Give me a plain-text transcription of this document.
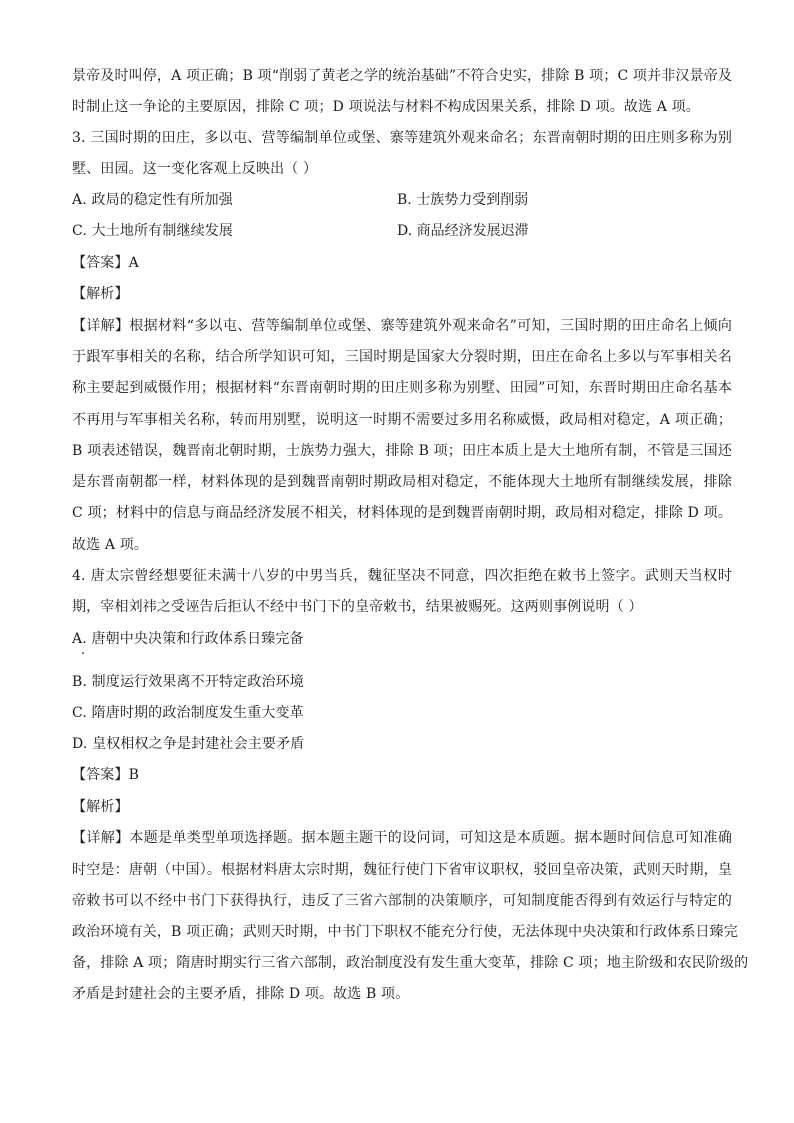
景帝及时叫停，A 项正确；B 项“削弱了黄老之学的统治基础”不符合史实，排除 B 项；C 项并非汉景帝及
时制止这一争论的主要原因，排除 C 项；D 项说法与材料不构成因果关系，排除 D 项。故选 A 项。
3. 三国时期的田庄，多以屯、营等编制单位或堡、寨等建筑外观来命名；东晋南朝时期的田庄则多称为别
墅、田园。这一变化客观上反映出（ ）
A. 政局的稳定性有所加强	B. 士族势力受到削弱
C. 大土地所有制继续发展	D. 商品经济发展迟滞
【答案】A
【解析】
【详解】根据材料“多以屯、营等编制单位或堡、寨等建筑外观来命名”可知，三国时期的田庄命名上倾向
于跟军事相关的名称，结合所学知识可知，三国时期是国家大分裂时期，田庄在命名上多以与军事相关名
称主要起到威慑作用；根据材料“东晋南朝时期的田庄则多称为别墅、田园”可知，东晋时期田庄命名基本
不再用与军事相关名称，转而用别墅，说明这一时期不需要过多用名称威慑，政局相对稳定，A 项正确；
B 项表述错误，魏晋南北朝时期，士族势力强大，排除 B 项；田庄本质上是大土地所有制，不管是三国还
是东晋南朝都一样，材料体现的是到魏晋南朝时期政局相对稳定，不能体现大土地所有制继续发展，排除
C 项；材料中的信息与商品经济发展不相关，材料体现的是到魏晋南朝时期，政局相对稳定，排除 D 项。
故选 A 项。
4. 唐太宗曾经想要征未满十八岁的中男当兵，魏征坚决不同意，四次拒绝在敕书上签字。武则天当权时
期，宰相刘祎之受诬告后拒认不经中书门下的皇帝敕书，结果被赐死。这两则事例说明（ ）
A. 唐朝中央决策和行政体系日臻完备
B. 制度运行效果离不开特定政治环境
C. 隋唐时期的政治制度发生重大变革
D. 皇权相权之争是封建社会主要矛盾
【答案】B
【解析】
【详解】本题是单类型单项选择题。据本题主题干的设问词，可知这是本质题。据本题时间信息可知准确
时空是：唐朝（中国）。根据材料唐太宗时期，魏征行使门下省审议职权，驳回皇帝决策，武则天时期，皇
帝敕书可以不经中书门下获得执行，违反了三省六部制的决策顺序，可知制度能否得到有效运行与特定的
政治环境有关，B 项正确；武则天时期，中书门下职权不能充分行使，无法体现中央决策和行政体系日臻完
备，排除 A 项；隋唐时期实行三省六部制，政治制度没有发生重大变革，排除 C 项；地主阶级和农民阶级的
矛盾是封建社会的主要矛盾，排除 D 项。故选 B 项。
